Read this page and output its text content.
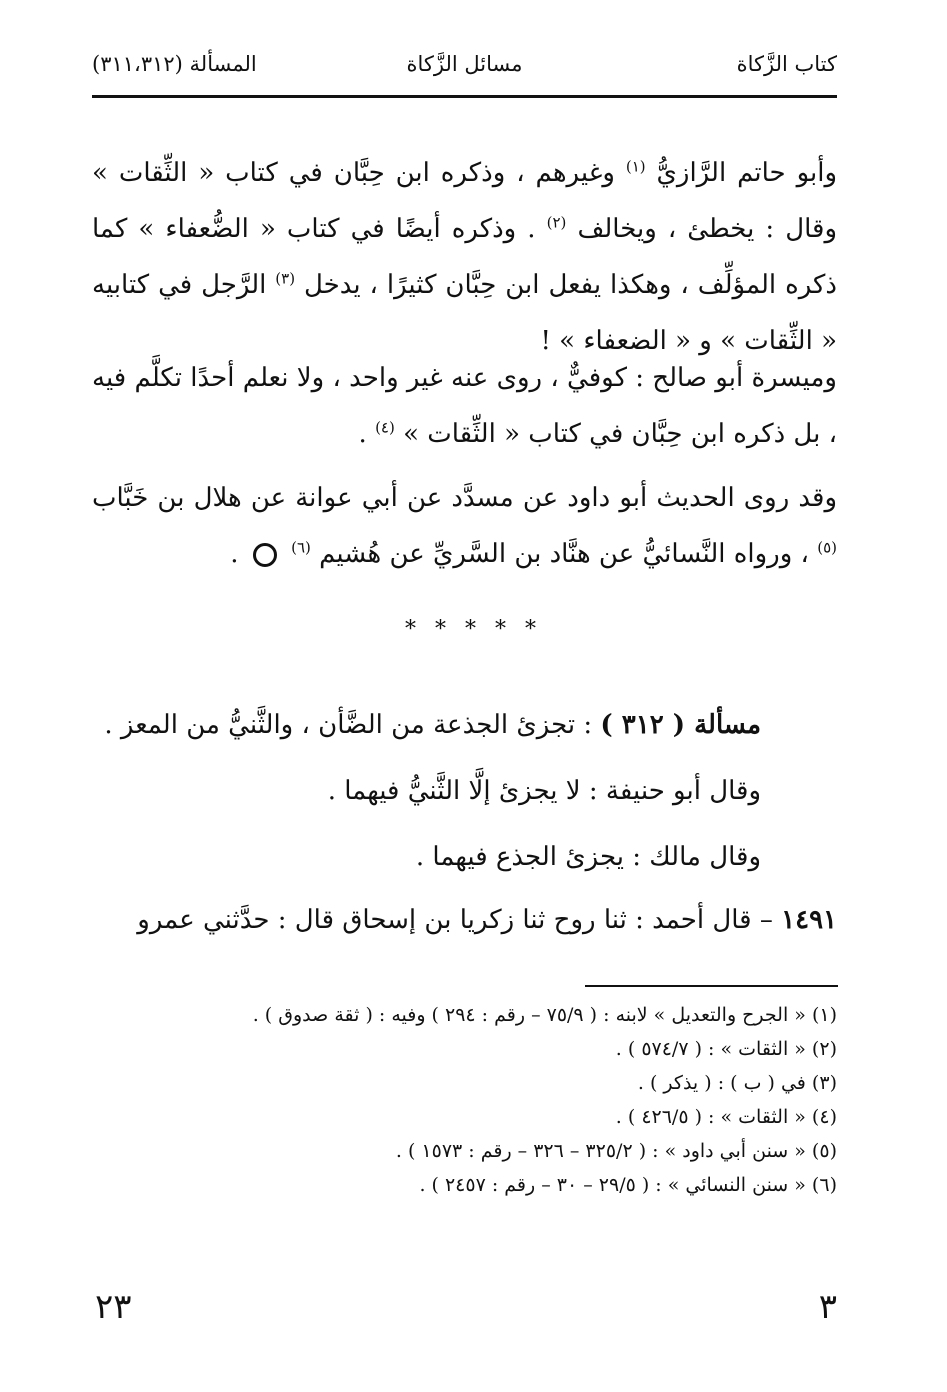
كتاب الزَّكاة
مسائل الزَّكاة
المسألة (٣١١،٣١٢)

وأبو حاتم الرَّازيُّ $^{(١)}$ وغيرهم ، وذكره ابن حِبَّان في كتاب « الثِّقات » وقال : يخطئ ، ويخالف $^{(٢)}$ . وذكره أيضًا في كتاب « الضُّعفاء » كما ذكره المؤلِّف ، وهكذا يفعل ابن حِبَّان كثيرًا ، يدخل $^{(٣)}$ الرَّجل في كتابيه « الثِّقات » و « الضعفاء » !

وميسرة أبو صالح : كوفيٌّ ، روى عنه غير واحد ، ولا نعلم أحدًا تكلَّم فيه ، بل ذكره ابن حِبَّان في كتاب « الثِّقات » $^{(٤)}$ .

وقد روى الحديث أبو داود عن مسدَّد عن أبي عوانة عن هلال بن خَبَّاب $^{(٥)}$ ، ورواه النَّسائيُّ عن هنَّاد بن السَّريِّ عن هُشيم $^{(٦)}$  .

* * * * *
مسألة ( ٣١٢ ) : تجزئ الجذعة من الضَّأن ، والثَّنيُّ من المعز .
وقال أبو حنيفة : لا يجزئ إلَّا الثَّنيُّ فيهما .
وقال مالك : يجزئ الجذع فيهما .
١٤٩١ – قال أحمد : ثنا روح ثنا زكريا بن إسحاق قال : حدَّثني عمرو
(١) « الجرح والتعديل » لابنه : ( ٧٥/٩ – رقم : ٢٩٤ ) وفيه : ( ثقة صدوق ) .
(٢) « الثقات » : ( ٥٧٤/٧ ) .
(٣) في ( ب ) : ( يذكر ) .
(٤) « الثقات » : ( ٤٢٦/٥ ) .
(٥) « سنن أبي داود » : ( ٣٢٥/٢ – ٣٢٦ – رقم : ١٥٧٣ ) .
(٦) « سنن النسائي » : ( ٢٩/٥ – ٣٠ – رقم : ٢٤٥٧ ) .
٣
٢٣
